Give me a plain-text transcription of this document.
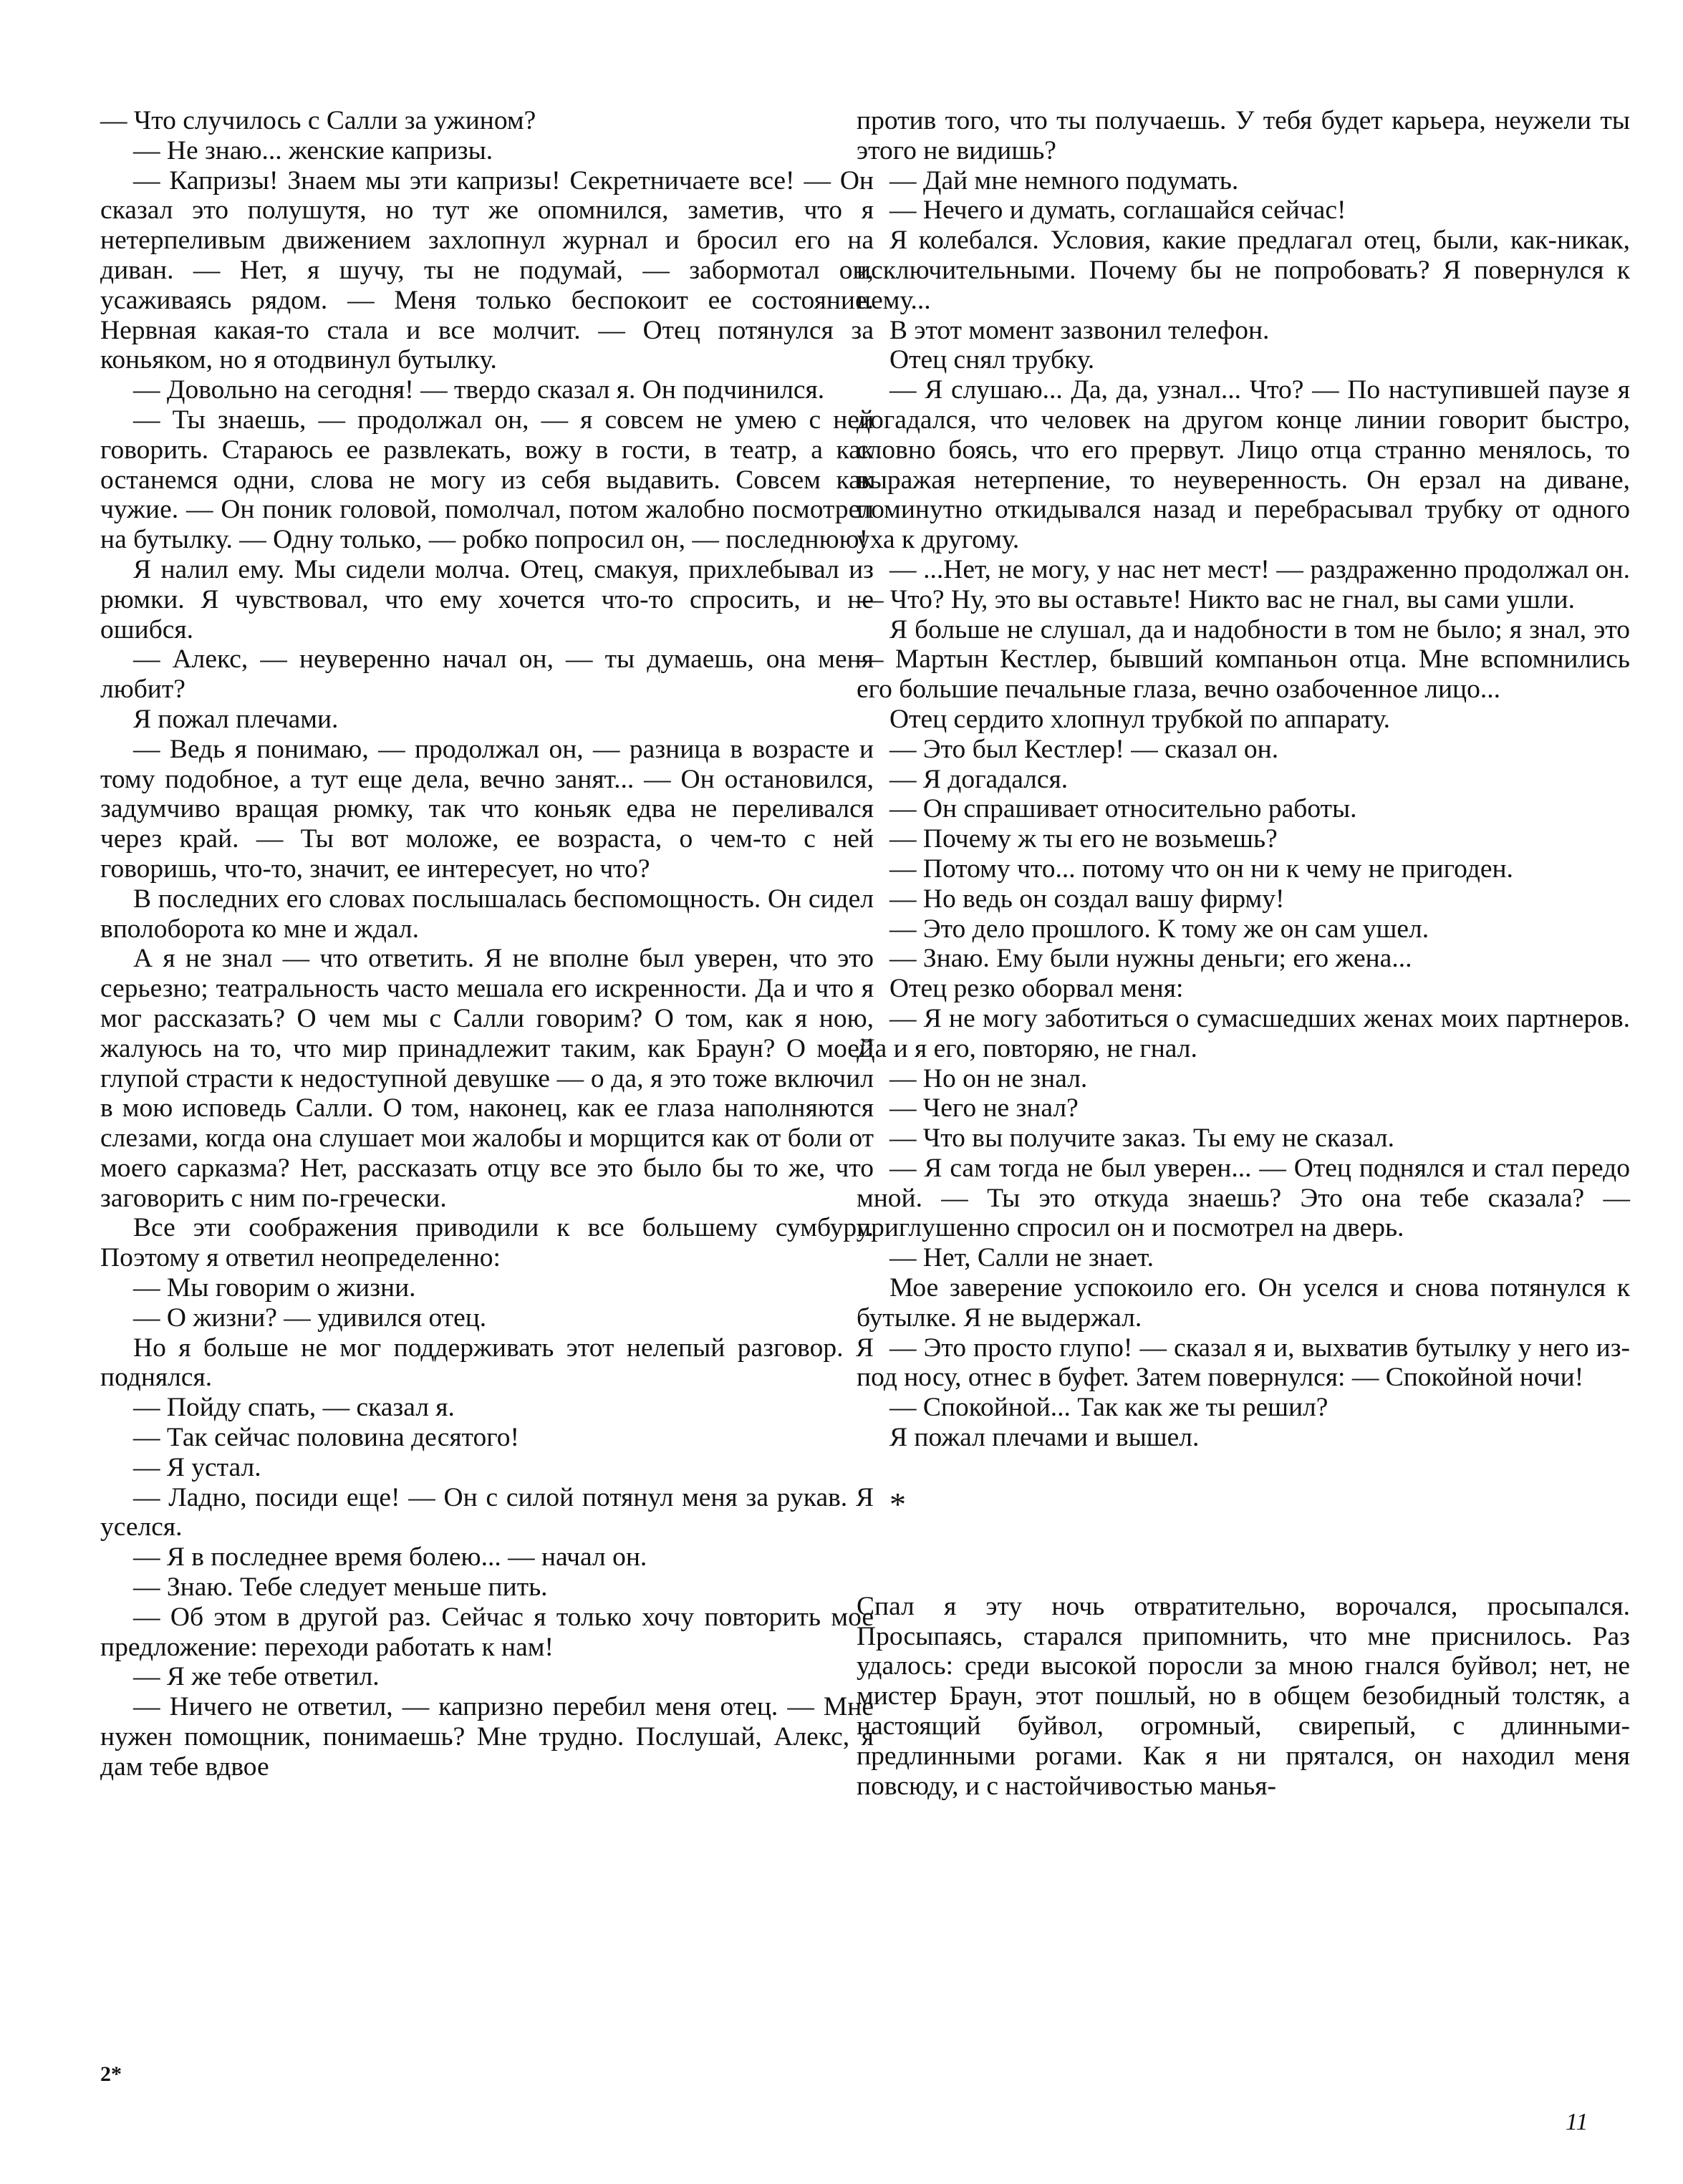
— Что случилось с Салли за ужином?

— Не знаю... женские капризы.

— Капризы! Знаем мы эти капризы! Секретничаете все! — Он сказал это полушутя, но тут же опомнился, заметив, что я нетерпеливым движением захлопнул журнал и бросил его на диван. — Нет, я шучу, ты не подумай, — забормотал он, усаживаясь рядом. — Меня только беспокоит ее состояние. Нервная какая-то стала и все молчит. — Отец потянулся за коньяком, но я отодвинул бутылку.

— Довольно на сегодня! — твердо сказал я. Он подчинился.

— Ты знаешь, — продолжал он, — я совсем не умею с ней говорить. Стараюсь ее развлекать, вожу в гости, в театр, а как останемся одни, слова не могу из себя выдавить. Совсем как чужие. — Он поник головой, помолчал, потом жалобно посмотрел на бутылку. — Одну только, — робко попросил он, — последнюю!

Я налил ему. Мы сидели молча. Отец, смакуя, прихлебывал из рюмки. Я чувствовал, что ему хочется что-то спросить, и не ошибся.

— Алекс, — неуверенно начал он, — ты думаешь, она меня любит?

Я пожал плечами.

— Ведь я понимаю, — продолжал он, — разница в возрасте и тому подобное, а тут еще дела, вечно занят... — Он остановился, задумчиво вращая рюмку, так что коньяк едва не переливался через край. — Ты вот моложе, ее возраста, о чем-то с ней говоришь, что-то, значит, ее интересует, но что?

В последних его словах послышалась беспомощность. Он сидел вполоборота ко мне и ждал.

А я не знал — что ответить. Я не вполне был уверен, что это серьезно; театральность часто мешала его искренности. Да и что я мог рассказать? О чем мы с Салли говорим? О том, как я ною, жалуюсь на то, что мир принадлежит таким, как Браун? О моей глупой страсти к недоступной девушке — о да, я это тоже включил в мою исповедь Салли. О том, наконец, как ее глаза наполняются слезами, когда она слушает мои жалобы и морщится как от боли от моего сарказма? Нет, рассказать отцу все это было бы то же, что заговорить с ним по-гречески.

Все эти соображения приводили к все большему сумбуру. Поэтому я ответил неопределенно:

— Мы говорим о жизни.

— О жизни? — удивился отец.

Но я больше не мог поддерживать этот нелепый разговор. Я поднялся.

— Пойду спать, — сказал я.

— Так сейчас половина десятого!

— Я устал.

— Ладно, посиди еще! — Он с силой потянул меня за рукав. Я уселся.

— Я в последнее время болею... — начал он.

— Знаю. Тебе следует меньше пить.

— Об этом в другой раз. Сейчас я только хочу повторить мое предложение: переходи работать к нам!

— Я же тебе ответил.

— Ничего не ответил, — капризно перебил меня отец. — Мне нужен помощник, понимаешь? Мне трудно. Послушай, Алекс, я дам тебе вдвое

против того, что ты получаешь. У тебя будет карьера, неужели ты этого не видишь?

— Дай мне немного подумать.

— Нечего и думать, соглашайся сейчас!

Я колебался. Условия, какие предлагал отец, были, как-никак, исключительными. Почему бы не попробовать? Я повернулся к нему...

В этот момент зазвонил телефон.

Отец снял трубку.

— Я слушаю... Да, да, узнал... Что? — По наступившей паузе я догадался, что человек на другом конце линии говорит быстро, словно боясь, что его прервут. Лицо отца странно менялось, то выражая нетерпение, то неуверенность. Он ерзал на диване, поминутно откидывался назад и перебрасывал трубку от одного уха к другому.

— ...Нет, не могу, у нас нет мест! — раздраженно продолжал он. — Что? Ну, это вы оставьте! Никто вас не гнал, вы сами ушли.

Я больше не слушал, да и надобности в том не было; я знал, это — Мартын Кестлер, бывший компаньон отца. Мне вспомнились его большие печальные глаза, вечно озабоченное лицо...

Отец сердито хлопнул трубкой по аппарату.

— Это был Кестлер! — сказал он.

— Я догадался.

— Он спрашивает относительно работы.

— Почему ж ты его не возьмешь?

— Потому что... потому что он ни к чему не пригоден.

— Но ведь он создал вашу фирму!

— Это дело прошлого. К тому же он сам ушел.

— Знаю. Ему были нужны деньги; его жена...

Отец резко оборвал меня:

— Я не могу заботиться о сумасшедших женах моих партнеров. Да и я его, повторяю, не гнал.

— Но он не знал.

— Чего не знал?

— Что вы получите заказ. Ты ему не сказал.

— Я сам тогда не был уверен... — Отец поднялся и стал передо мной. — Ты это откуда знаешь? Это она тебе сказала? — приглушенно спросил он и посмотрел на дверь.

— Нет, Салли не знает.

Мое заверение успокоило его. Он уселся и снова потянулся к бутылке. Я не выдержал.

— Это просто глупо! — сказал я и, выхватив бутылку у него из-под носу, отнес в буфет. Затем повернулся: — Спокойной ночи!

— Спокойной... Так как же ты решил?

Я пожал плечами и вышел.

*

Спал я эту ночь отвратительно, ворочался, просыпался. Просыпаясь, старался припомнить, что мне приснилось. Раз удалось: среди высокой поросли за мною гнался буйвол; нет, не мистер Браун, этот пошлый, но в общем безобидный толстяк, а настоящий буйвол, огромный, свирепый, с длинными-предлинными рогами. Как я ни прятался, он находил меня повсюду, и с настойчивостью манья-

2*
11
